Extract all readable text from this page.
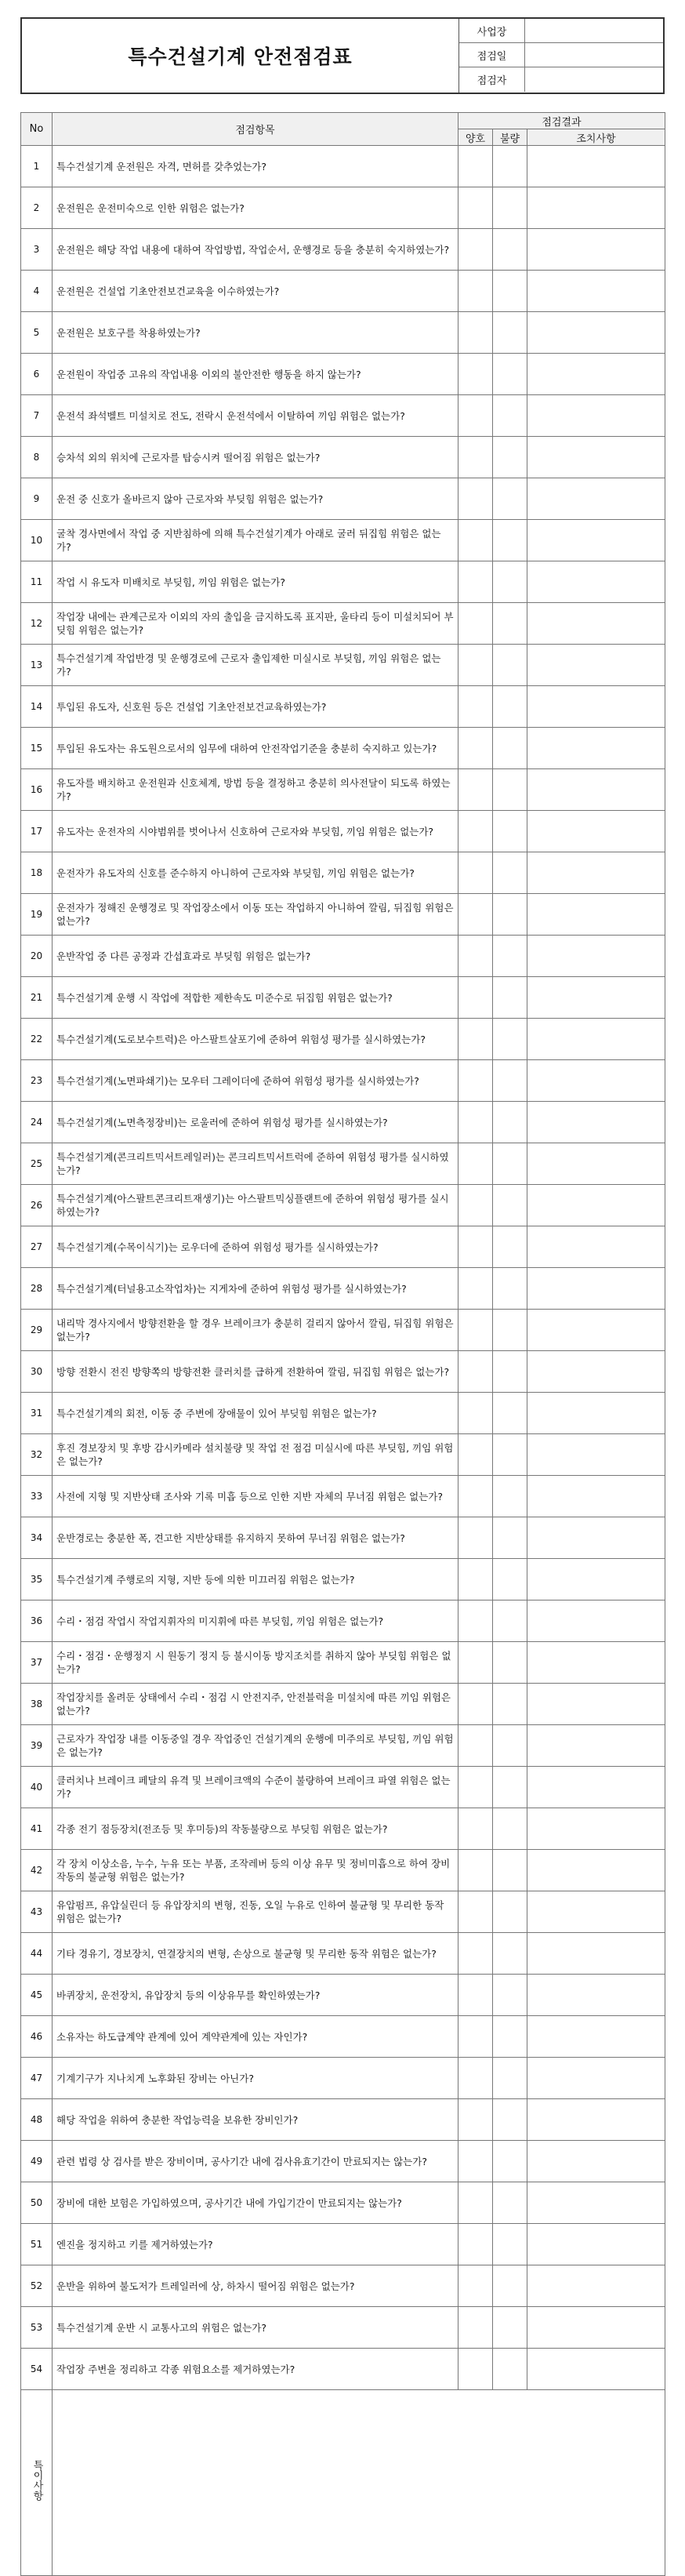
특수건설기계 안전점검표
사업장
점검일
점검자
No	점검항목	점검결과		
		양호	불량	조치사항
1	특수건설기계 운전원은 자격, 면허를 갖추었는가?			
2	운전원은 운전미숙으로 인한 위험은 없는가?			
3	운전원은 해당 작업 내용에 대하여 작업방법, 작업순서, 운행경로 등을 충분히 숙지하였는가?			
4	운전원은 건설업 기초안전보건교육을 이수하였는가?			
5	운전원은 보호구를 착용하였는가?			
6	운전원이 작업중 고유의 작업내용 이외의 불안전한 행동을 하지 않는가?			
7	운전석 좌석벨트 미설치로 전도, 전락시 운전석에서 이탈하여 끼임 위험은 없는가?			
8	승차석 외의 위치에 근로자를 탑승시켜 떨어짐 위험은 없는가?			
9	운전 중 신호가 올바르지 않아 근로자와 부딪힘 위험은 없는가?			
10	굴착 경사면에서 작업 중 지반침하에 의해 특수건설기계가 아래로 굴러 뒤집힘 위험은 없는가?			
11	작업 시 유도자 미배치로 부딪힘, 끼임 위험은 없는가?			
12	작업장 내에는 관계근로자 이외의 자의 출입을 금지하도록 표지판, 울타리 등이 미설치되어 부딪힘 위험은 없는가?			
13	특수건설기계 작업반경 및 운행경로에 근로자 출입제한 미실시로 부딪힘, 끼임 위험은 없는가?			
14	투입된 유도자, 신호원 등은 건설업 기초안전보건교육하였는가?			
15	투입된 유도자는 유도원으로서의 임무에 대하여 안전작업기준을 충분히 숙지하고 있는가?			
16	유도자를 배치하고 운전원과 신호체계, 방법 등을 결정하고 충분히 의사전달이 되도록 하였는가?			
17	유도자는 운전자의 시야범위를 벗어나서 신호하여 근로자와 부딪힘, 끼임 위험은 없는가?			
18	운전자가 유도자의 신호를 준수하지 아니하여 근로자와 부딪힘, 끼임 위험은 없는가?			
19	운전자가 정해진 운행경로 및 작업장소에서 이동 또는 작업하지 아니하여 깔림, 뒤집힘 위험은 없는가?			
20	운반작업 중 다른 공정과 간섭효과로 부딪힘 위험은 없는가?			
21	특수건설기계 운행 시 작업에 적합한 제한속도 미준수로 뒤집힘 위험은 없는가?			
22	특수건설기계(도로보수트럭)은 아스팔트살포기에 준하여 위험성 평가를 실시하였는가?			
23	특수건설기계(노면파쇄기)는 모우터 그레이더에 준하여 위험성 평가를 실시하였는가?			
24	특수건설기계(노면측정장비)는 로울러에 준하여 위험성 평가를 실시하였는가?			
25	특수건설기계(콘크리트믹서트레일러)는 콘크리트믹서트럭에 준하여 위험성 평가를 실시하였는가?			
26	특수건설기계(아스팔트콘크리트재생기)는 아스팔트믹싱플랜트에 준하여 위험성 평가를 실시하였는가?			
27	특수건설기계(수목이식기)는 로우더에 준하여 위험성 평가를 실시하였는가?			
28	특수건설기계(터널용고소작업차)는 지게차에 준하여 위험성 평가를 실시하였는가?			
29	내리막 경사지에서 방향전환을 할 경우 브레이크가 충분히 걸리지 않아서 깔림, 뒤집힘 위험은 없는가?			
30	방향 전환시 전진 방향쪽의 방향전환 클러치를 급하게 전환하여 깔림, 뒤집힘 위험은 없는가?			
31	특수건설기계의 회전, 이동 중 주변에 장애물이 있어 부딪힘 위험은 없는가?			
32	후진 경보장치 및 후방 감시카메라 설치불량 및 작업 전 점검 미실시에 따른 부딪힘, 끼임 위험은 없는가?			
33	사전에 지형 및 지반상태 조사와 기록 미흡 등으로 인한 지반 자체의 무너짐 위험은 없는가?			
34	운반경로는 충분한 폭, 견고한 지반상태를 유지하지 못하여 무너짐 위험은 없는가?			
35	특수건설기계 주행로의 지형, 지반 등에 의한 미끄러짐 위험은 없는가?			
36	수리・점검 작업시 작업지휘자의 미지휘에 따른 부딪힘, 끼임 위험은 없는가?			
37	수리・점검・운행정지 시 원동기 정지 등 불시이동 방지조치를 취하지 않아 부딪힘 위험은 없는가?			
38	작업장치를 올려둔 상태에서 수리・점검 시 안전지주, 안전블럭을 미설치에 따른 끼임 위험은 없는가?			
39	근로자가 작업장 내를 이동중일 경우 작업중인 건설기계의 운행에 미주의로 부딪힘, 끼임 위험은 없는가?			
40	클러치나 브레이크 페달의 유격 및 브레이크액의 수준이 불량하여 브레이크 파열 위험은 없는가?			
41	각종 전기 점등장치(전조등 및 후미등)의 작동불량으로 부딪힘 위험은 없는가?			
42	각 장치 이상소음, 누수, 누유 또는 부품, 조작레버 등의 이상 유무 및 정비미흡으로 하여 장비작동의 불균형 위험은 없는가?			
43	유압펌프, 유압실린더 등 유압장치의 변형, 진동, 오일 누유로 인하여 불균형 및 무리한 동작 위험은 없는가?			
44	기타 경유기, 경보장치, 연결장치의 변형, 손상으로 불균형 및 무리한 동작 위험은 없는가?			
45	바퀴장치, 운전장치, 유압장치 등의 이상유무를 확인하였는가?			
46	소유자는 하도급계약 관계에 있어 계약관계에 있는 자인가?			
47	기계기구가 지나치게 노후화된 장비는 아닌가?			
48	해당 작업을 위하여 충분한 작업능력을 보유한 장비인가?			
49	관련 법령 상 검사를 받은 장비이며, 공사기간 내에 검사유효기간이 만료되지는 않는가?			
50	장비에 대한 보험은 가입하였으며, 공사기간 내에 가입기간이 만료되지는 않는가?			
51	엔진을 정지하고 키를 제거하였는가?			
52	운반을 위하여 불도저가 트레일러에 상, 하차시 떨어짐 위험은 없는가?			
53	특수건설기계 운반 시 교통사고의 위험은 없는가?			
54	작업장 주변을 정리하고 각종 위험요소를 제거하였는가?			
특이사항				
